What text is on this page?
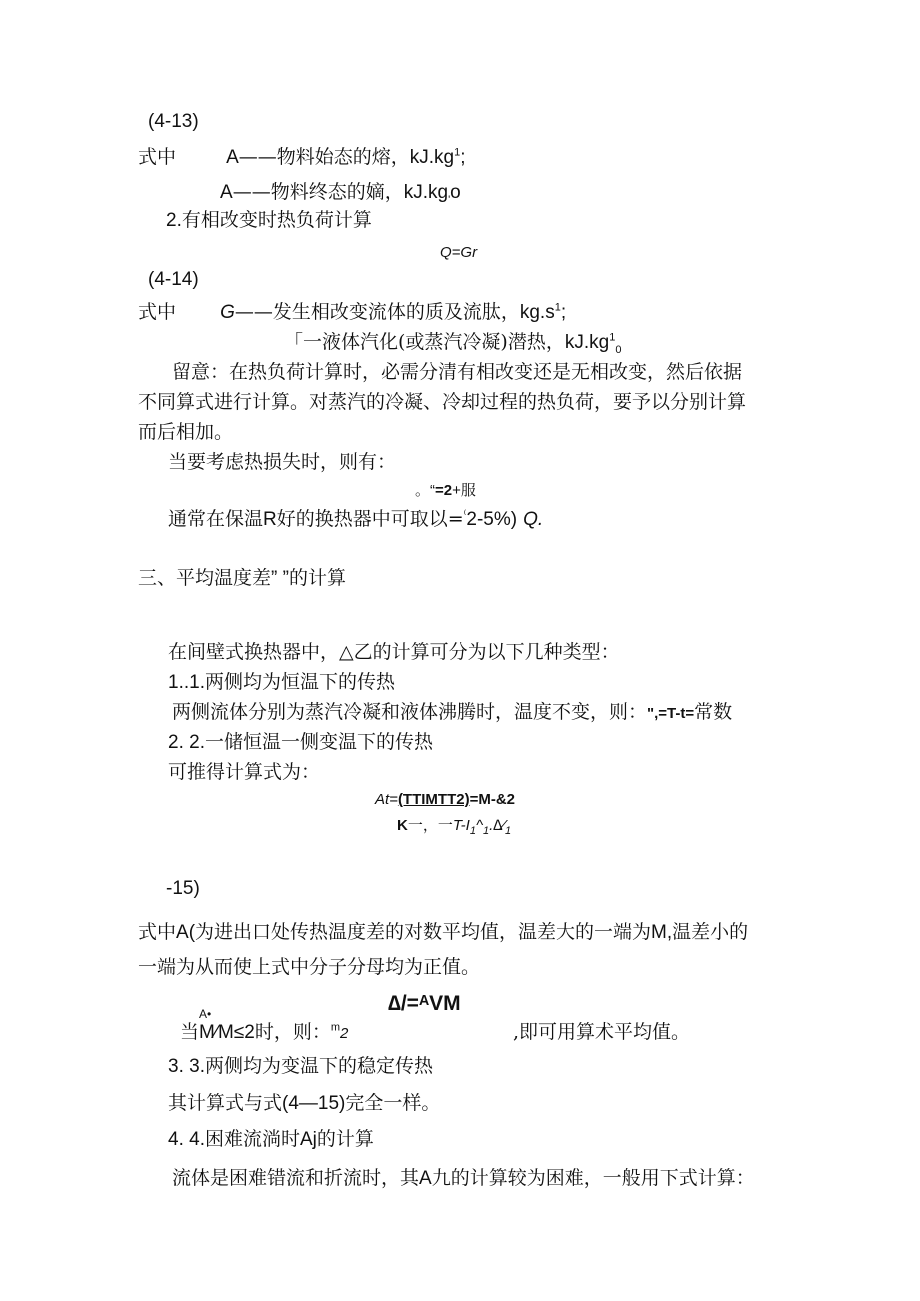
(4-13)
式中	A——物料始态的熔，$kJ.kg^1$;
A——物料终态的嫡，$kJ.kg'o$
2.有相改变时热负荷计算
Q=Gr
(4-14)
式中 G——发生相改变流体的质及流肽，$kg.s^1$;
「一液体汽化(或蒸汽冷凝)潜热，$kJ.kg^1_0$
留意：在热负荷计算时，必需分清有相改变还是无相改变，然后依据
不同算式进行计算。对蒸汽的冷凝、冷却过程的热负荷，要予以分别计算
而后相加。
当要考虑热损失时，则有：
。“=2+服
通常在保温R好的换热器中可取以=⁽2-5%) Q.
三、平均温度差” ”的计算
在间壁式换热器中，△乙的计算可分为以下几种类型：
1..1.两侧均为恒温下的传热
两侧流体分别为蒸汽冷凝和液体沸腾时，温度不变，则：",=T-t=常数
2. 2.一储恒温一侧变温下的传热
可推得计算式为：
At=(TTIMTT2)=M-&2
K一，一$T-I_1\^{}_1.\Delta⁄_1$
-15)
式中A(为进出口处传热温度差的对数平均值，温差大的一端为M,温差小的
一端为从而使上式中分子分母均为正值。
A•	∆/=ᴬVM
当M⁄M≤2时，则：$^m$2	,即可用算术平均值。
3. 3.两侧均为变温下的稳定传热
其计算式与式(4—15)完全一样。
4. 4.困难流淌时Aj的计算
流体是困难错流和折流时，其A九的计算较为困难，一般用下式计算：
